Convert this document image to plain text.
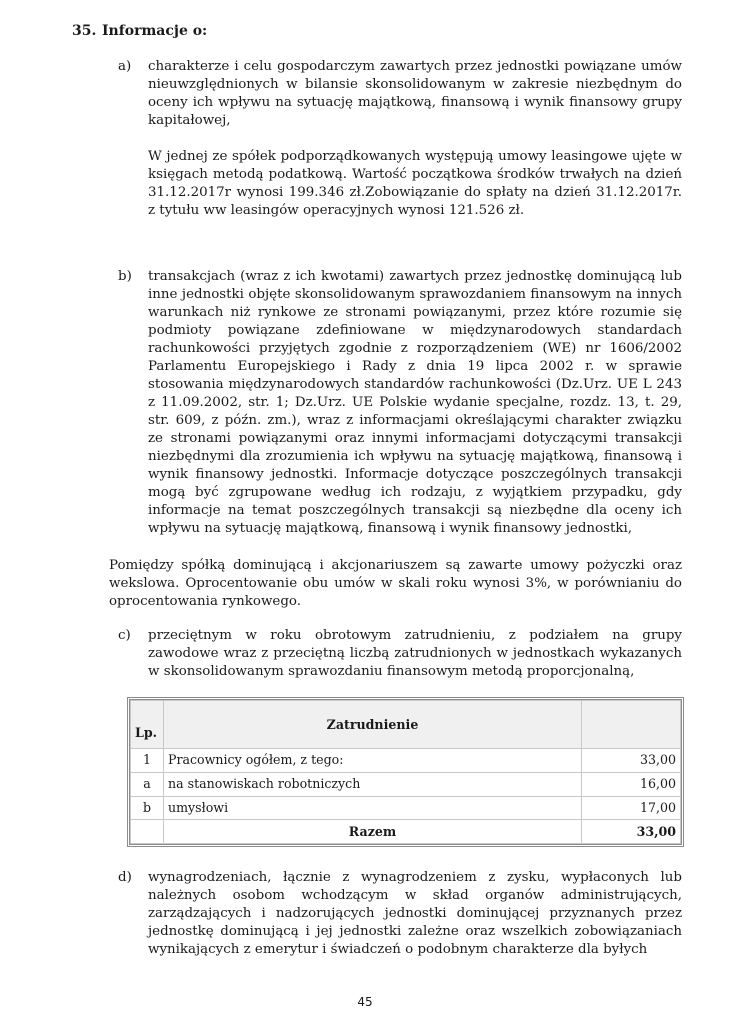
35. Informacje o:
a) charakterze i celu gospodarczym zawartych przez jednostki powiązane umów nieuwzględnionych w bilansie skonsolidowanym w zakresie niezbędnym do oceny ich wpływu na sytuację majątkową, finansową i wynik finansowy grupy kapitałowej,

W jednej ze spółek podporządkowanych występują umowy leasingowe ujęte w księgach metodą podatkową. Wartość początkowa środków trwałych na dzień 31.12.2017r wynosi 199.346 zł.Zobowiązanie do spłaty na dzień 31.12.2017r. z tytułu ww leasingów operacyjnych wynosi 121.526 zł.

b) transakcjach (wraz z ich kwotami) zawartych przez jednostkę dominującą lub inne jednostki objęte skonsolidowanym sprawozdaniem finansowym na innych warunkach niż rynkowe ze stronami powiązanymi, przez które rozumie się podmioty powiązane zdefiniowane w międzynarodowych standardach rachunkowości przyjętych zgodnie z rozporządzeniem (WE) nr 1606/2002 Parlamentu Europejskiego i Rady z dnia 19 lipca 2002 r. w sprawie stosowania międzynarodowych standardów rachunkowości (Dz.Urz. UE L 243 z 11.09.2002, str. 1; Dz.Urz. UE Polskie wydanie specjalne, rozdz. 13, t. 29, str. 609, z późn. zm.), wraz z informacjami określającymi charakter związku ze stronami powiązanymi oraz innymi informacjami dotyczącymi transakcji niezbędnymi dla zrozumienia ich wpływu na sytuację majątkową, finansową i wynik finansowy jednostki. Informacje dotyczące poszczególnych transakcji mogą być zgrupowane według ich rodzaju, z wyjątkiem przypadku, gdy informacje na temat poszczególnych transakcji są niezbędne dla oceny ich wpływu na sytuację majątkową, finansową i wynik finansowy jednostki,

Pomiędzy spółką dominującą i akcjonariuszem są zawarte umowy pożyczki oraz wekslowa. Oprocentowanie obu umów w skali roku wynosi 3%, w porównianiu do oprocentowania rynkowego.
c) przeciętnym w roku obrotowym zatrudnieniu, z podziałem na grupy zawodowe wraz z przeciętną liczbą zatrudnionych w jednostkach wykazanych w skonsolidowanym sprawozdaniu finansowym metodą proporcjonalną,

Lp.	Zatrudnienie	
1	Pracownicy ogółem, z tego:	33,00
a	na stanowiskach robotniczych	16,00
b	umysłowi	17,00
	Razem	33,00
d) wynagrodzeniach, łącznie z wynagrodzeniem z zysku, wypłaconych lub należnych osobom wchodzącym w skład organów administrujących, zarządzających i nadzorujących jednostki dominującej przyznanych przez jednostkę dominującą i jej jednostki zależne oraz wszelkich zobowiązaniach wynikających z emerytur i świadczeń o podobnym charakterze dla byłych

45
